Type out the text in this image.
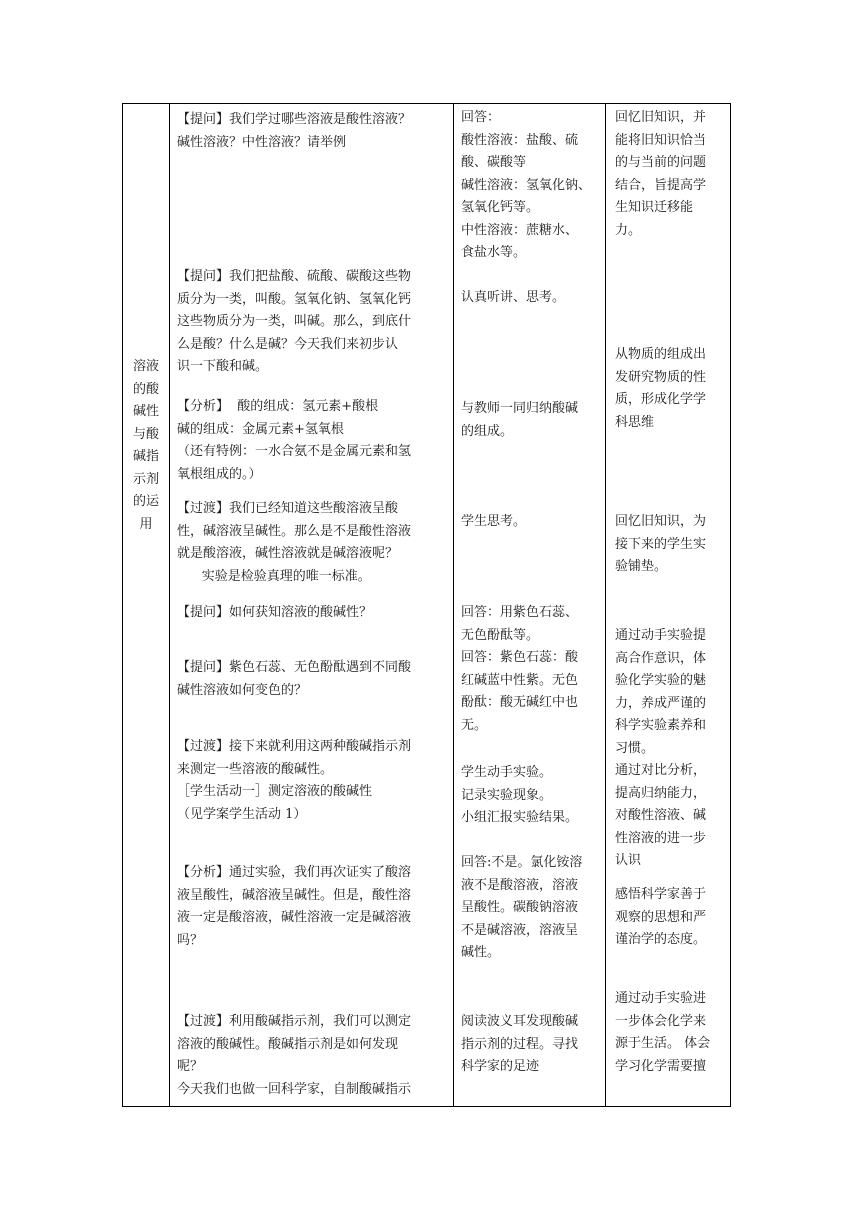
溶液
的酸
碱性
与酸
碱指
示剂
的运
用

【提问】我们学过哪些溶液是酸性溶液？

碱性溶液？中性溶液？请举例

【提问】我们把盐酸、硫酸、碳酸这些物

质分为一类，叫酸。氢氧化钠、氢氧化钙

这些物质分为一类，叫碱。那么，到底什

么是酸？什么是碱？今天我们来初步认

识一下酸和碱。

【分析】  酸的组成：氢元素+酸根

碱的组成：金属元素+氢氧根

（还有特例：一水合氨不是金属元素和氢

氧根组成的。）

【过渡】我们已经知道这些酸溶液呈酸

性，碱溶液呈碱性。那么是不是酸性溶液

就是酸溶液，碱性溶液就是碱溶液呢？

实验是检验真理的唯一标准。

【提问】如何获知溶液的酸碱性？

【提问】紫色石蕊、无色酚酞遇到不同酸

碱性溶液如何变色的？

【过渡】接下来就利用这两种酸碱指示剂

来测定一些溶液的酸碱性。

［学生活动一］测定溶液的酸碱性

（见学案学生活动 1）

【分析】通过实验，我们再次证实了酸溶

液呈酸性，碱溶液呈碱性。但是，酸性溶

液一定是酸溶液，碱性溶液一定是碱溶液

吗？

【过渡】利用酸碱指示剂，我们可以测定

溶液的酸碱性。酸碱指示剂是如何发现

呢？

今天我们也做一回科学家，自制酸碱指示

回答：

酸性溶液：盐酸、硫

酸、碳酸等

碱性溶液：氢氧化钠、

氢氧化钙等。

中性溶液：蔗糖水、

食盐水等。

认真听讲、思考。

与教师一同归纳酸碱

的组成。

学生思考。

回答：用紫色石蕊、

无色酚酞等。

回答：紫色石蕊：酸

红碱蓝中性紫。无色

酚酞：酸无碱红中也

无。

学生动手实验。

记录实验现象。

小组汇报实验结果。

回答:不是。氯化铵溶

液不是酸溶液，溶液

呈酸性。碳酸钠溶液

不是碱溶液，溶液呈

碱性。

阅读波义耳发现酸碱

指示剂的过程。寻找

科学家的足迹

回忆旧知识，并

能将旧知识恰当

的与当前的问题

结合，旨提高学

生知识迁移能

力。

从物质的组成出

发研究物质的性

质，形成化学学

科思维

回忆旧知识，为

接下来的学生实

验铺垫。

通过动手实验提

高合作意识，体

验化学实验的魅

力，养成严谨的

科学实验素养和

习惯。

通过对比分析，

提高归纳能力，

对酸性溶液、碱

性溶液的进一步

认识

感悟科学家善于

观察的思想和严

谨治学的态度。

通过动手实验进

一步体会化学来

源于生活。 体会

学习化学需要擅
